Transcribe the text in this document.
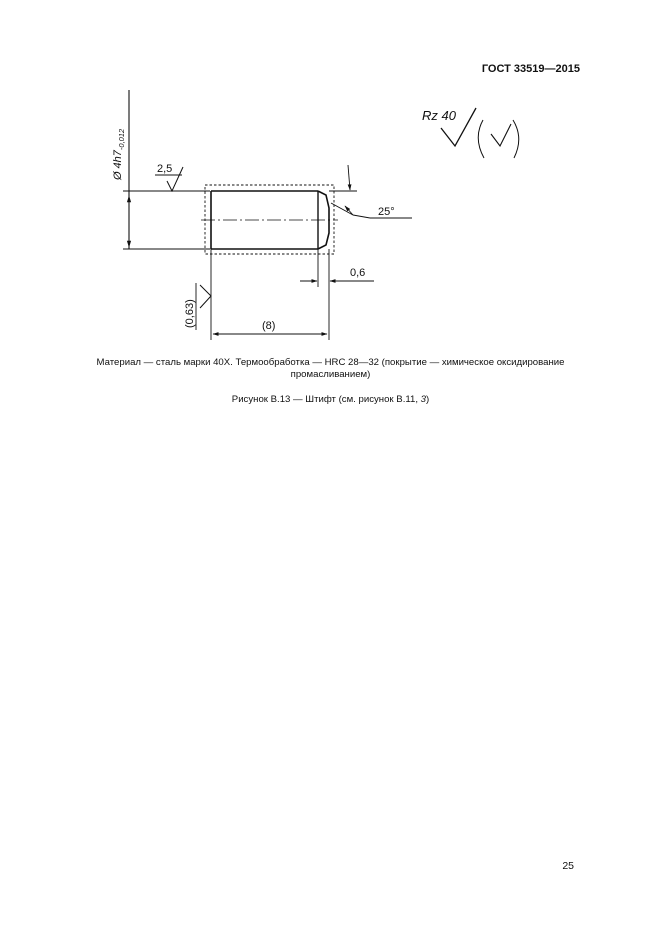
ГОСТ 33519—2015
$Ø4h7_{-0,012}$
2,5
25°
0,6
(8)
(0,63)
Rz 40
Материал — сталь марки 40Х. Термообработка — HRC 28—32 (покрытие — химическое оксидирование промасливанием)
Рисунок В.13 — Штифт (см. рисунок В.11, 3)
25
